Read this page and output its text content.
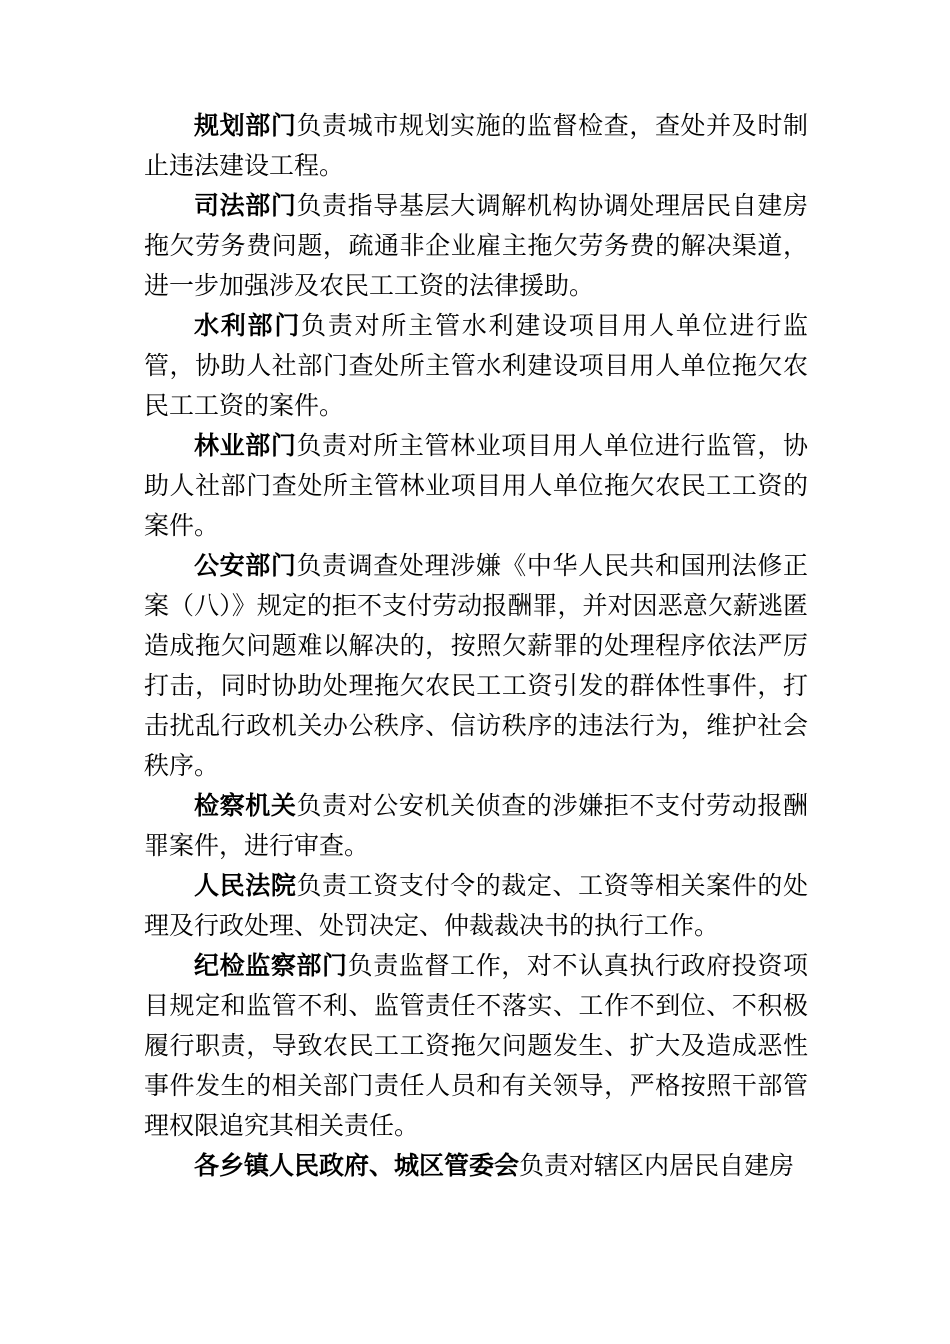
规划部门负责城市规划实施的监督检查，查处并及时制止违法建设工程。

司法部门负责指导基层大调解机构协调处理居民自建房拖欠劳务费问题，疏通非企业雇主拖欠劳务费的解决渠道，进一步加强涉及农民工工资的法律援助。

水利部门负责对所主管水利建设项目用人单位进行监管，协助人社部门查处所主管水利建设项目用人单位拖欠农民工工资的案件。

林业部门负责对所主管林业项目用人单位进行监管，协助人社部门查处所主管林业项目用人单位拖欠农民工工资的案件。

公安部门负责调查处理涉嫌《中华人民共和国刑法修正案（八）》规定的拒不支付劳动报酬罪，并对因恶意欠薪逃匿造成拖欠问题难以解决的，按照欠薪罪的处理程序依法严厉打击，同时协助处理拖欠农民工工资引发的群体性事件，打击扰乱行政机关办公秩序、信访秩序的违法行为，维护社会秩序。

检察机关负责对公安机关侦查的涉嫌拒不支付劳动报酬罪案件，进行审查。

人民法院负责工资支付令的裁定、工资等相关案件的处理及行政处理、处罚决定、仲裁裁决书的执行工作。

纪检监察部门负责监督工作，对不认真执行政府投资项目规定和监管不利、监管责任不落实、工作不到位、不积极履行职责，导致农民工工资拖欠问题发生、扩大及造成恶性事件发生的相关部门责任人员和有关领导，严格按照干部管理权限追究其相关责任。

各乡镇人民政府、城区管委会负责对辖区内居民自建房
